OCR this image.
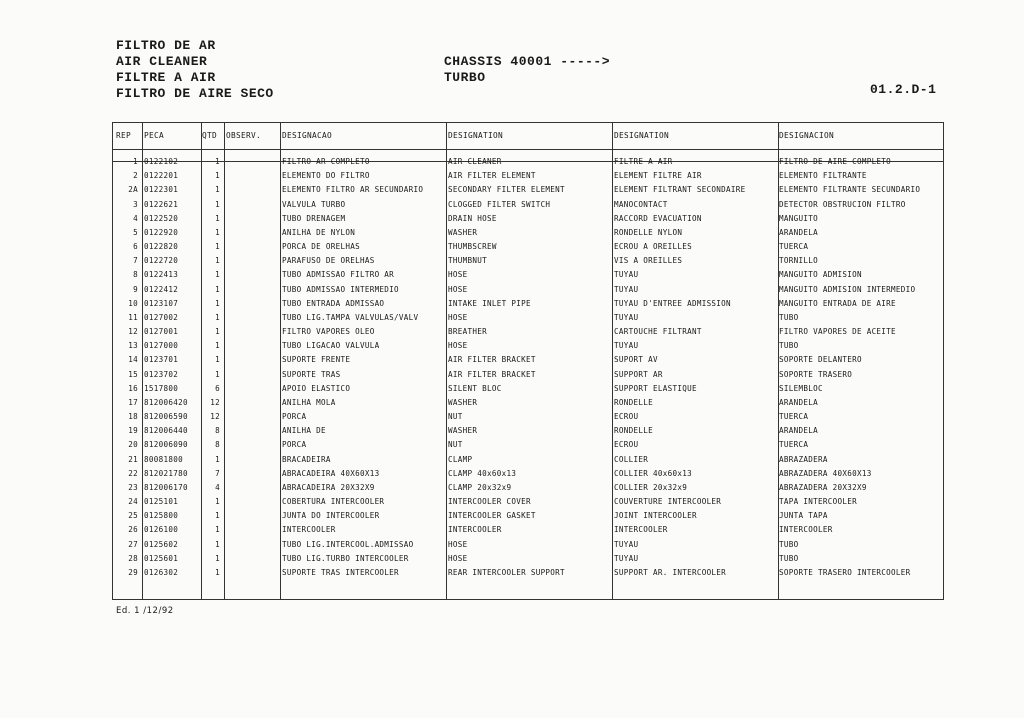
FILTRO DE AR
AIR CLEANER
FILTRE A AIR
FILTRO DE AIRE SECO
CHASSIS 40001 ----->
TURBO
01.2.D-1
REP	PECA	QTD	OBSERV.	DESIGNACAO	DESIGNATION	DESIGNATION	DESIGNACION
1 0122102	1	FILTRO AR COMPLETO	AIR CLEANER	FILTRE A AIR	FILTRO DE AIRE COMPLETO
2 0122201	1	ELEMENTO DO FILTRO	AIR FILTER ELEMENT	ELEMENT FILTRE AIR	ELEMENTO FILTRANTE
2A 0122301	1	ELEMENTO FILTRO AR SECUNDARIO	SECONDARY FILTER ELEMENT	ELEMENT FILTRANT SECONDAIRE	ELEMENTO FILTRANTE SECUNDARIO
3 0122621	1	VALVULA TURBO	CLOGGED FILTER SWITCH	MANOCONTACT	DETECTOR OBSTRUCION FILTRO
4 0122520	1	TUBO DRENAGEM	DRAIN HOSE	RACCORD EVACUATION	MANGUITO
5 0122920	1	ANILHA DE NYLON	WASHER	RONDELLE NYLON	ARANDELA
6 0122820	1	PORCA DE ORELHAS	THUMBSCREW	ECROU A OREILLES	TUERCA
7 0122720	1	PARAFUSO DE ORELHAS	THUMBNUT	VIS A OREILLES	TORNILLO
8 0122413	1	TUBO ADMISSAO FILTRO AR	HOSE	TUYAU	MANGUITO ADMISION
9 0122412	1	TUBO ADMISSAO INTERMEDIO	HOSE	TUYAU	MANGUITO ADMISION INTERMEDIO
10 0123107	1	TUBO ENTRADA ADMISSAO	INTAKE INLET PIPE	TUYAU D'ENTREE ADMISSION	MANGUITO ENTRADA DE AIRE
11 0127002	1	TUBO LIG.TAMPA VALVULAS/VALV	HOSE	TUYAU	TUBO
12 0127001	1	FILTRO VAPORES OLEO	BREATHER	CARTOUCHE FILTRANT	FILTRO VAPORES DE ACEITE
13 0127000	1	TUBO LIGACAO VALVULA	HOSE	TUYAU	TUBO
14 0123701	1	SUPORTE FRENTE	AIR FILTER BRACKET	SUPORT AV	SOPORTE DELANTERO
15 0123702	1	SUPORTE TRAS	AIR FILTER BRACKET	SUPPORT AR	SOPORTE TRASERO
16 1517800	6	APOIO ELASTICO	SILENT BLOC	SUPPORT ELASTIQUE	SILEMBLOC
17 812006420	12	ANILHA MOLA	WASHER	RONDELLE	ARANDELA
18 812006590	12	PORCA	NUT	ECROU	TUERCA
19 812006440	8	ANILHA DE	WASHER	RONDELLE	ARANDELA
20 812006090	8	PORCA	NUT	ECROU	TUERCA
21 80081800	1	BRACADEIRA	CLAMP	COLLIER	ABRAZADERA
22 812021780	7	ABRACADEIRA 40X60X13	CLAMP 40x60x13	COLLIER 40x60x13	ABRAZADERA 40X60X13
23 812006170	4	ABRACADEIRA 20X32X9	CLAMP 20x32x9	COLLIER 20x32x9	ABRAZADERA 20X32X9
24 0125101	1	COBERTURA INTERCOOLER	INTERCOOLER COVER	COUVERTURE INTERCOOLER	TAPA INTERCOOLER
25 0125800	1	JUNTA DO INTERCOOLER	INTERCOOLER GASKET	JOINT INTERCOOLER	JUNTA TAPA
26 0126100	1	INTERCOOLER	INTERCOOLER	INTERCOOLER	INTERCOOLER
27 0125602	1	TUBO LIG.INTERCOOL.ADMISSAO	HOSE	TUYAU	TUBO
28 0125601	1	TUBO LIG.TURBO INTERCOOLER	HOSE	TUYAU	TUBO
29 0126302	1	SUPORTE TRAS INTERCOOLER	REAR INTERCOOLER SUPPORT	SUPPORT AR. INTERCOOLER	SOPORTE TRASERO INTERCOOLER
Ed. 1 /12/92
